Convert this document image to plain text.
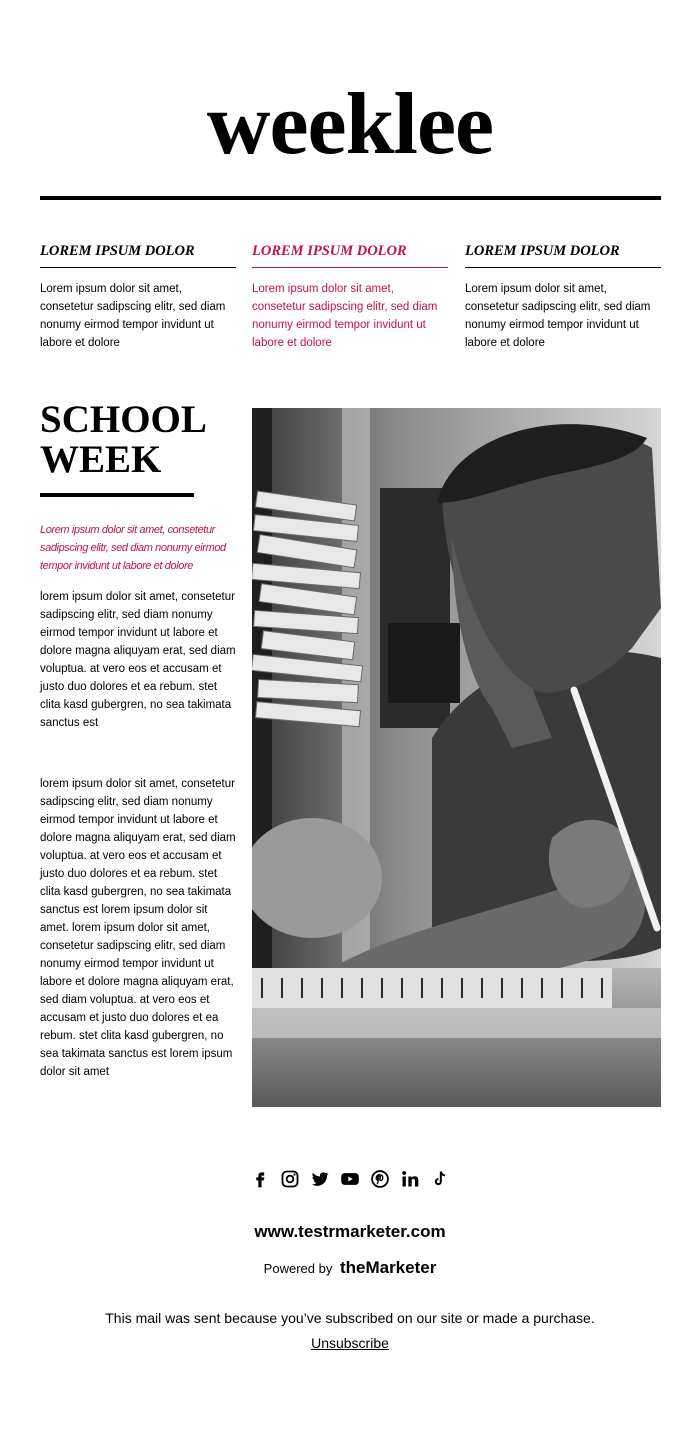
weeklee
LOREM IPSUM DOLOR

Lorem ipsum dolor sit amet, consetetur sadipscing elitr, sed diam nonumy eirmod tempor invidunt ut labore et dolore

LOREM IPSUM DOLOR

Lorem ipsum dolor sit amet, consetetur sadipscing elitr, sed diam nonumy eirmod tempor invidunt ut labore et dolore

LOREM IPSUM DOLOR

Lorem ipsum dolor sit amet, consetetur sadipscing elitr, sed diam nonumy eirmod tempor invidunt ut labore et dolore

SCHOOL
WEEK
Lorem ipsum dolor sit amet, consetetur sadipscing elitr, sed diam nonumy eirmod tempor invidunt ut labore et dolore

lorem ipsum dolor sit amet, consetetur sadipscing elitr, sed diam nonumy eirmod tempor invidunt ut labore et dolore magna aliquyam erat, sed diam voluptua. at vero eos et accusam et justo duo dolores et ea rebum. stet clita kasd gubergren, no sea takimata sanctus est

lorem ipsum dolor sit amet, consetetur sadipscing elitr, sed diam nonumy eirmod tempor invidunt ut labore et dolore magna aliquyam erat, sed diam voluptua. at vero eos et accusam et justo duo dolores et ea rebum. stet clita kasd gubergren, no sea takimata sanctus est lorem ipsum dolor sit amet. lorem ipsum dolor sit amet, consetetur sadipscing elitr, sed diam nonumy eirmod tempor invidunt ut labore et dolore magna aliquyam erat, sed diam voluptua. at vero eos et accusam et justo duo dolores et ea rebum. stet clita kasd gubergren, no sea takimata sanctus est lorem ipsum dolor sit amet

www.testrmarketer.com
Powered by theMarketer
This mail was sent because you’ve subscribed on our site or made a purchase.
Unsubscribe
